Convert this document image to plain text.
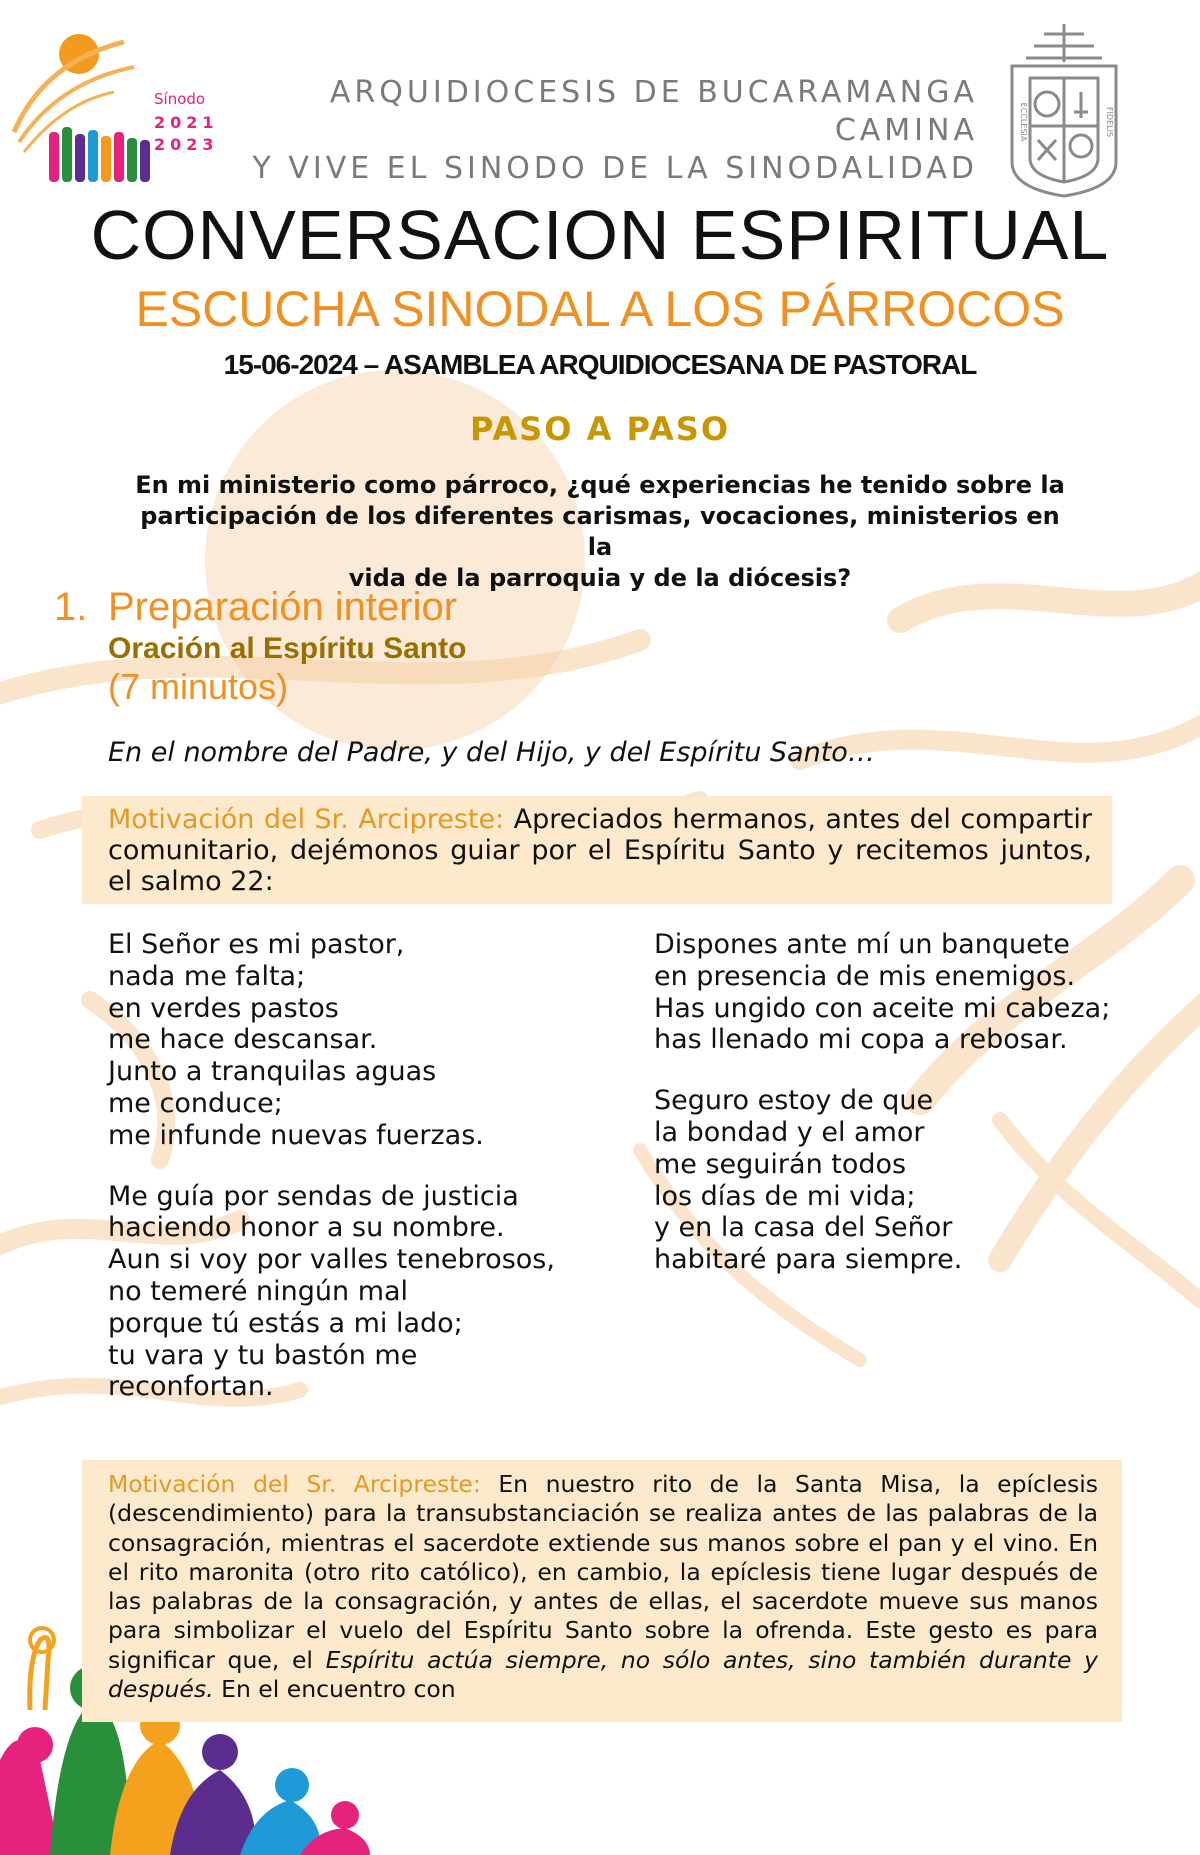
Sínodo
2021
2023
ARQUIDIOCESIS DE BUCARAMANGA CAMINA
Y VIVE EL SINODO DE LA SINODALIDAD
ECCLESIA	FIDELIS
CONVERSACION ESPIRITUAL
ESCUCHA SINODAL A LOS PÁRROCOS
15-06-2024 – ASAMBLEA ARQUIDIOCESANA DE PASTORAL
PASO A PASO
En mi ministerio como párroco, ¿qué experiencias he tenido sobre la
participación de los diferentes carismas, vocaciones, ministerios en la
vida de la parroquia y de la diócesis?
1. Preparación interior
Oración al Espíritu Santo
(7 minutos)
En el nombre del Padre, y del Hijo, y del Espíritu Santo…
Motivación del Sr. Arcipreste: Apreciados hermanos, antes del compartir comunitario, dejémonos guiar por el Espíritu Santo y recitemos juntos, el salmo 22:

El Señor es mi pastor,
nada me falta;
en verdes pastos
me hace descansar.
Junto a tranquilas aguas
me conduce;
me infunde nuevas fuerzas.

Me guía por sendas de justicia
haciendo honor a su nombre.
Aun si voy por valles tenebrosos,
no temeré ningún mal
porque tú estás a mi lado;
tu vara y tu bastón me
reconfortan.

Dispones ante mí un banquete
en presencia de mis enemigos.
Has ungido con aceite mi cabeza;
has llenado mi copa a rebosar.

Seguro estoy de que
la bondad y el amor
me seguirán todos
los días de mi vida;
y en la casa del Señor
habitaré para siempre.

Motivación del Sr. Arcipreste: En nuestro rito de la Santa Misa, la epíclesis (descendimiento) para la transubstanciación se realiza antes de las palabras de la consagración, mientras el sacerdote extiende sus manos sobre el pan y el vino. En el rito maronita (otro rito católico), en cambio, la epíclesis tiene lugar después de las palabras de la consagración, y antes de ellas, el sacerdote mueve sus manos para simbolizar el vuelo del Espíritu Santo sobre la ofrenda. Este gesto es para significar que, el Espíritu actúa siempre, no sólo antes, sino también durante y después. En el encuentro con
